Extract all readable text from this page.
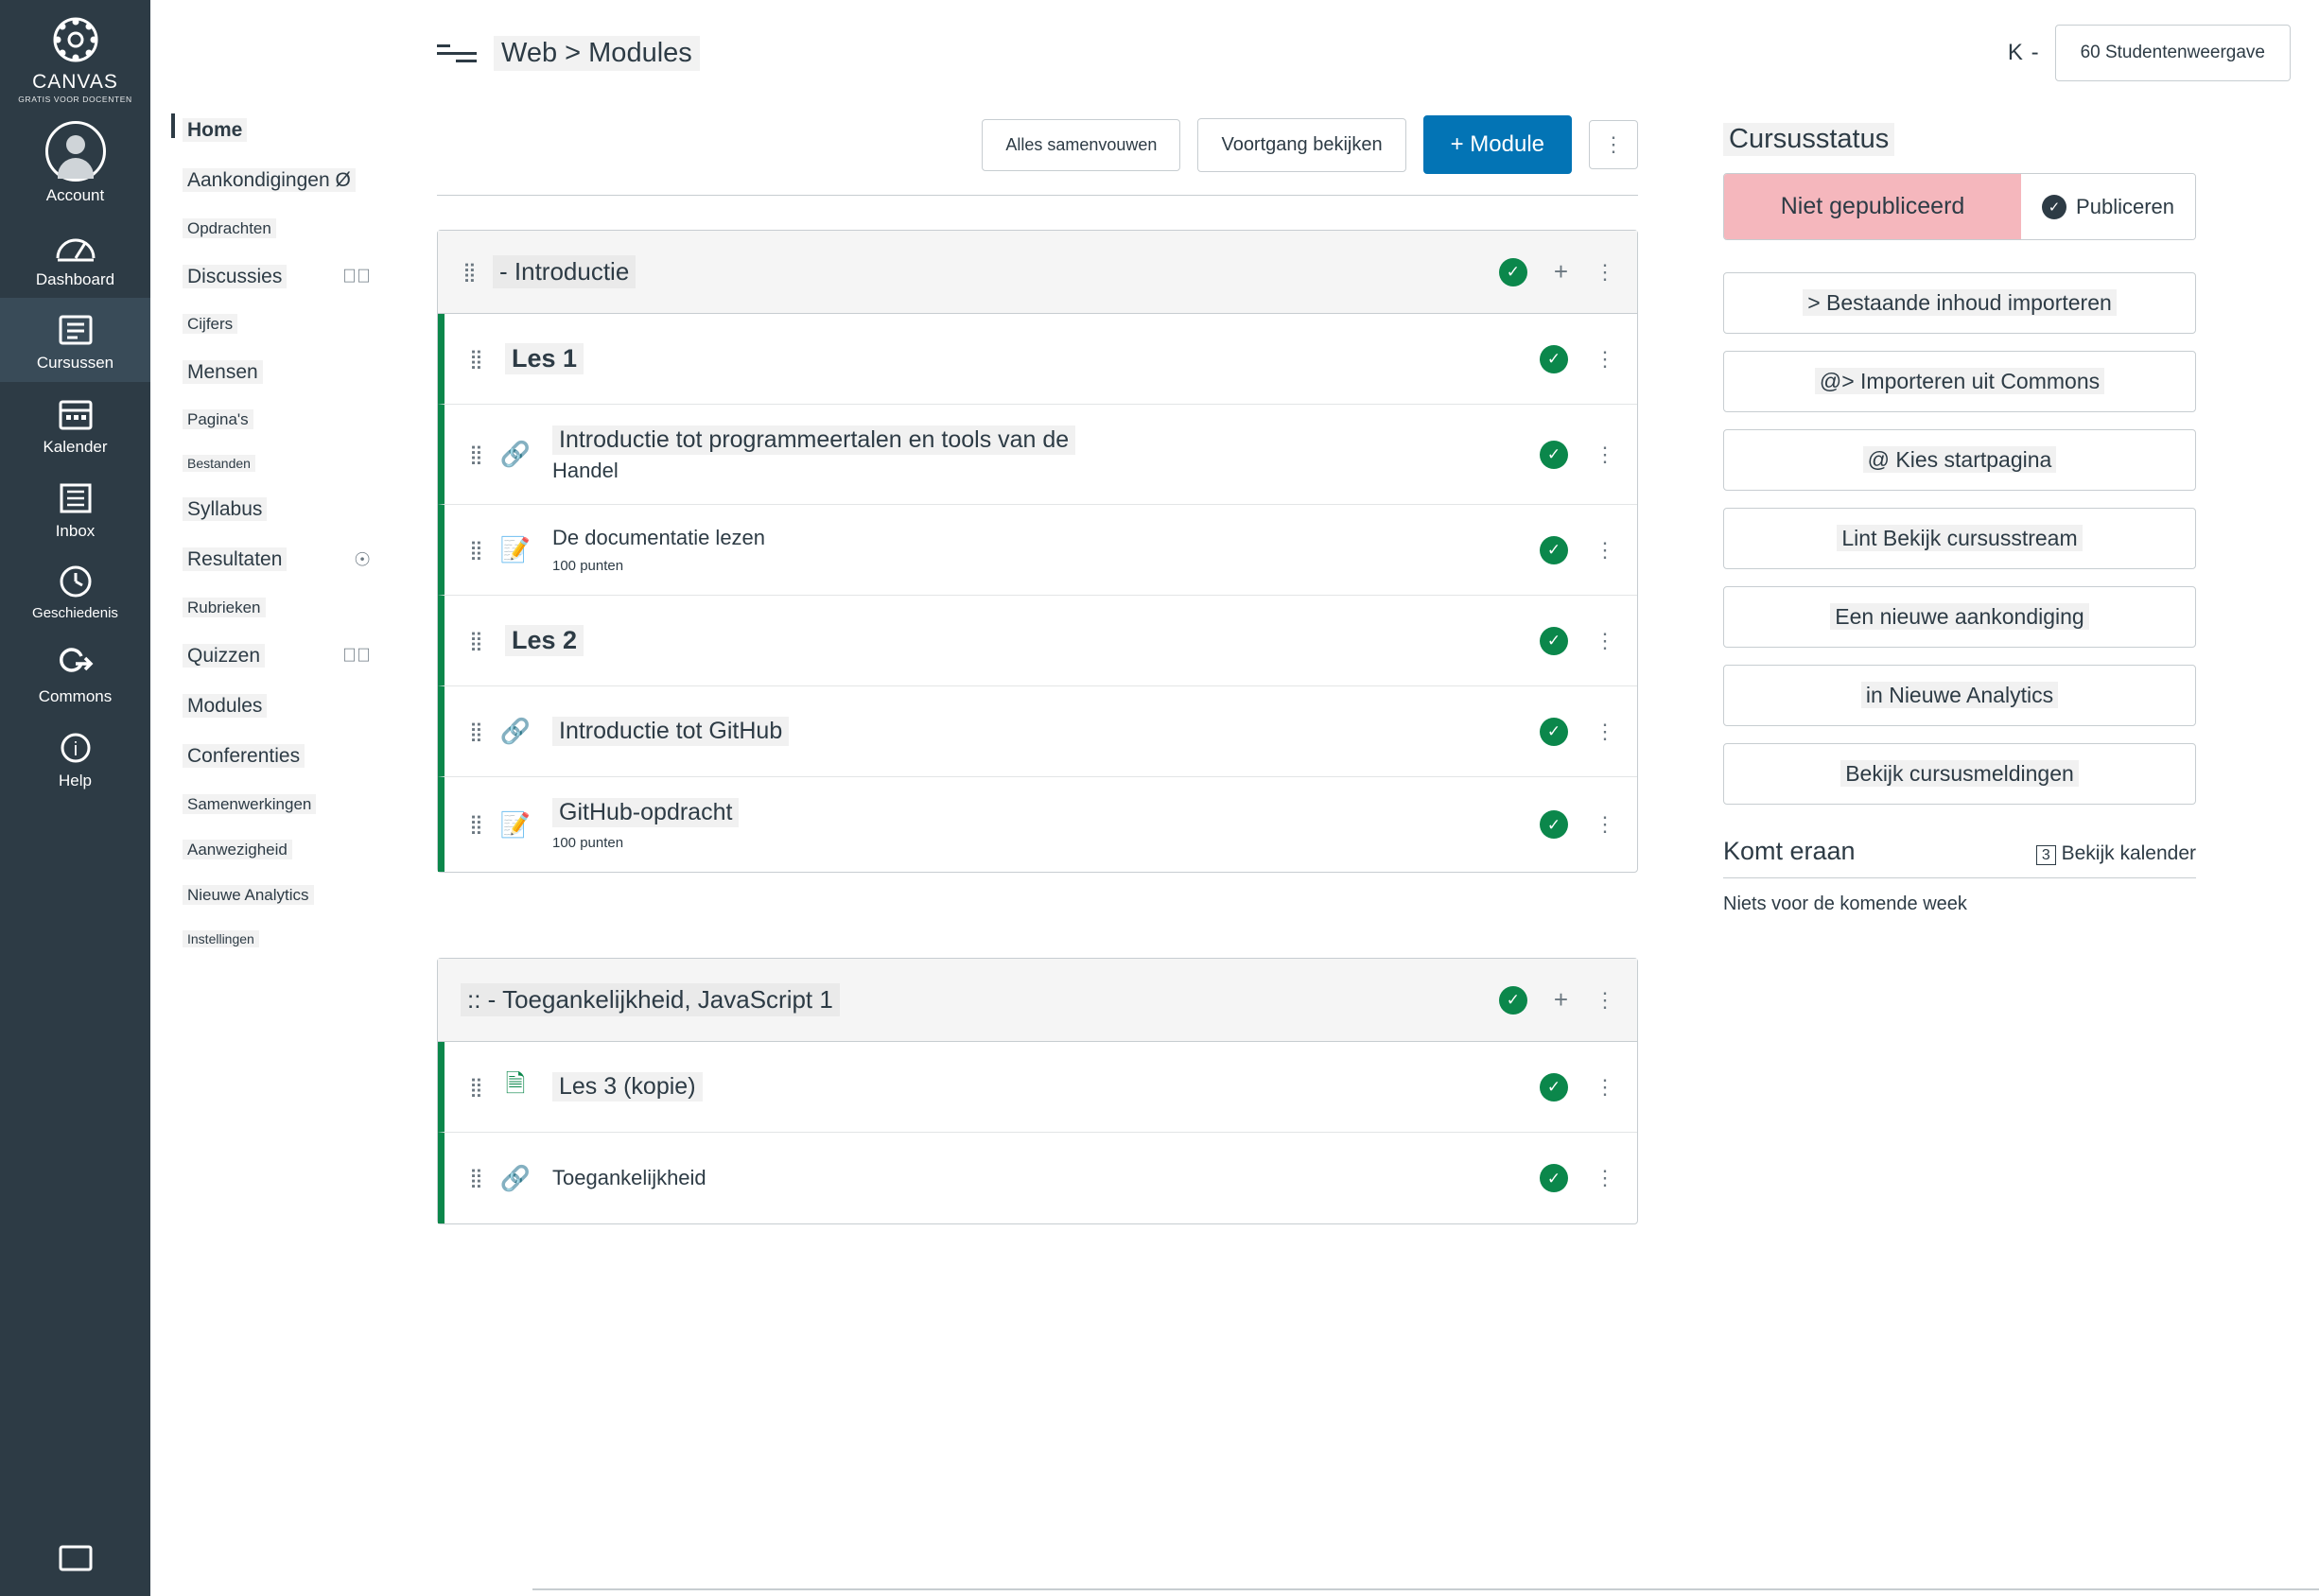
CANVAS
GRATIS VOOR DOCENTEN
Account
Dashboard
Cursussen
Kalender
Inbox
Geschiedenis
Commons
i
Help
Home
Aankondigingen Ø
Opdrachten
Discussies	👁⃠
Cijfers
Mensen
Pagina's
Bestanden
Syllabus
Resultaten	☉
Rubrieken
Quizzen	👁⃠
Modules
Conferenties
Samenwerkingen
Aanwezigheid
Nieuwe Analytics
Instellingen
Web > Modules	K -	60 Studentenweergave
Alles samenvouwen	Voortgang bekijken	+ Module	⋮
⣿ - Introductie	✓	+ ⋮
⣿ Les 1	✓	⋮
⣿ 🔗 Introductie tot programmeertalen en tools van de
Handel
✓	⋮
⣿ 📝 De documentatie lezen
100 punten
✓	⋮
⣿ Les 2	✓	⋮
⣿ 🔗 Introductie tot GitHub	✓	⋮
⣿ 📝 GitHub-opdracht
100 punten
✓	⋮
:: - Toegankelijkheid, JavaScript 1	✓	+ ⋮
⣿ 🗎 Les 3 (kopie)	✓	⋮
⣿ 🔗 Toegankelijkheid	✓	⋮
Cursusstatus
Niet gepubliceerd	✓ Publiceren
> Bestaande inhoud importeren
@> Importeren uit Commons
@ Kies startpagina
Lint Bekijk cursusstream
Een nieuwe aankondiging
in Nieuwe Analytics
Bekijk cursusmeldingen
Komt eraan	3 Bekijk kalender
Niets voor de komende week
